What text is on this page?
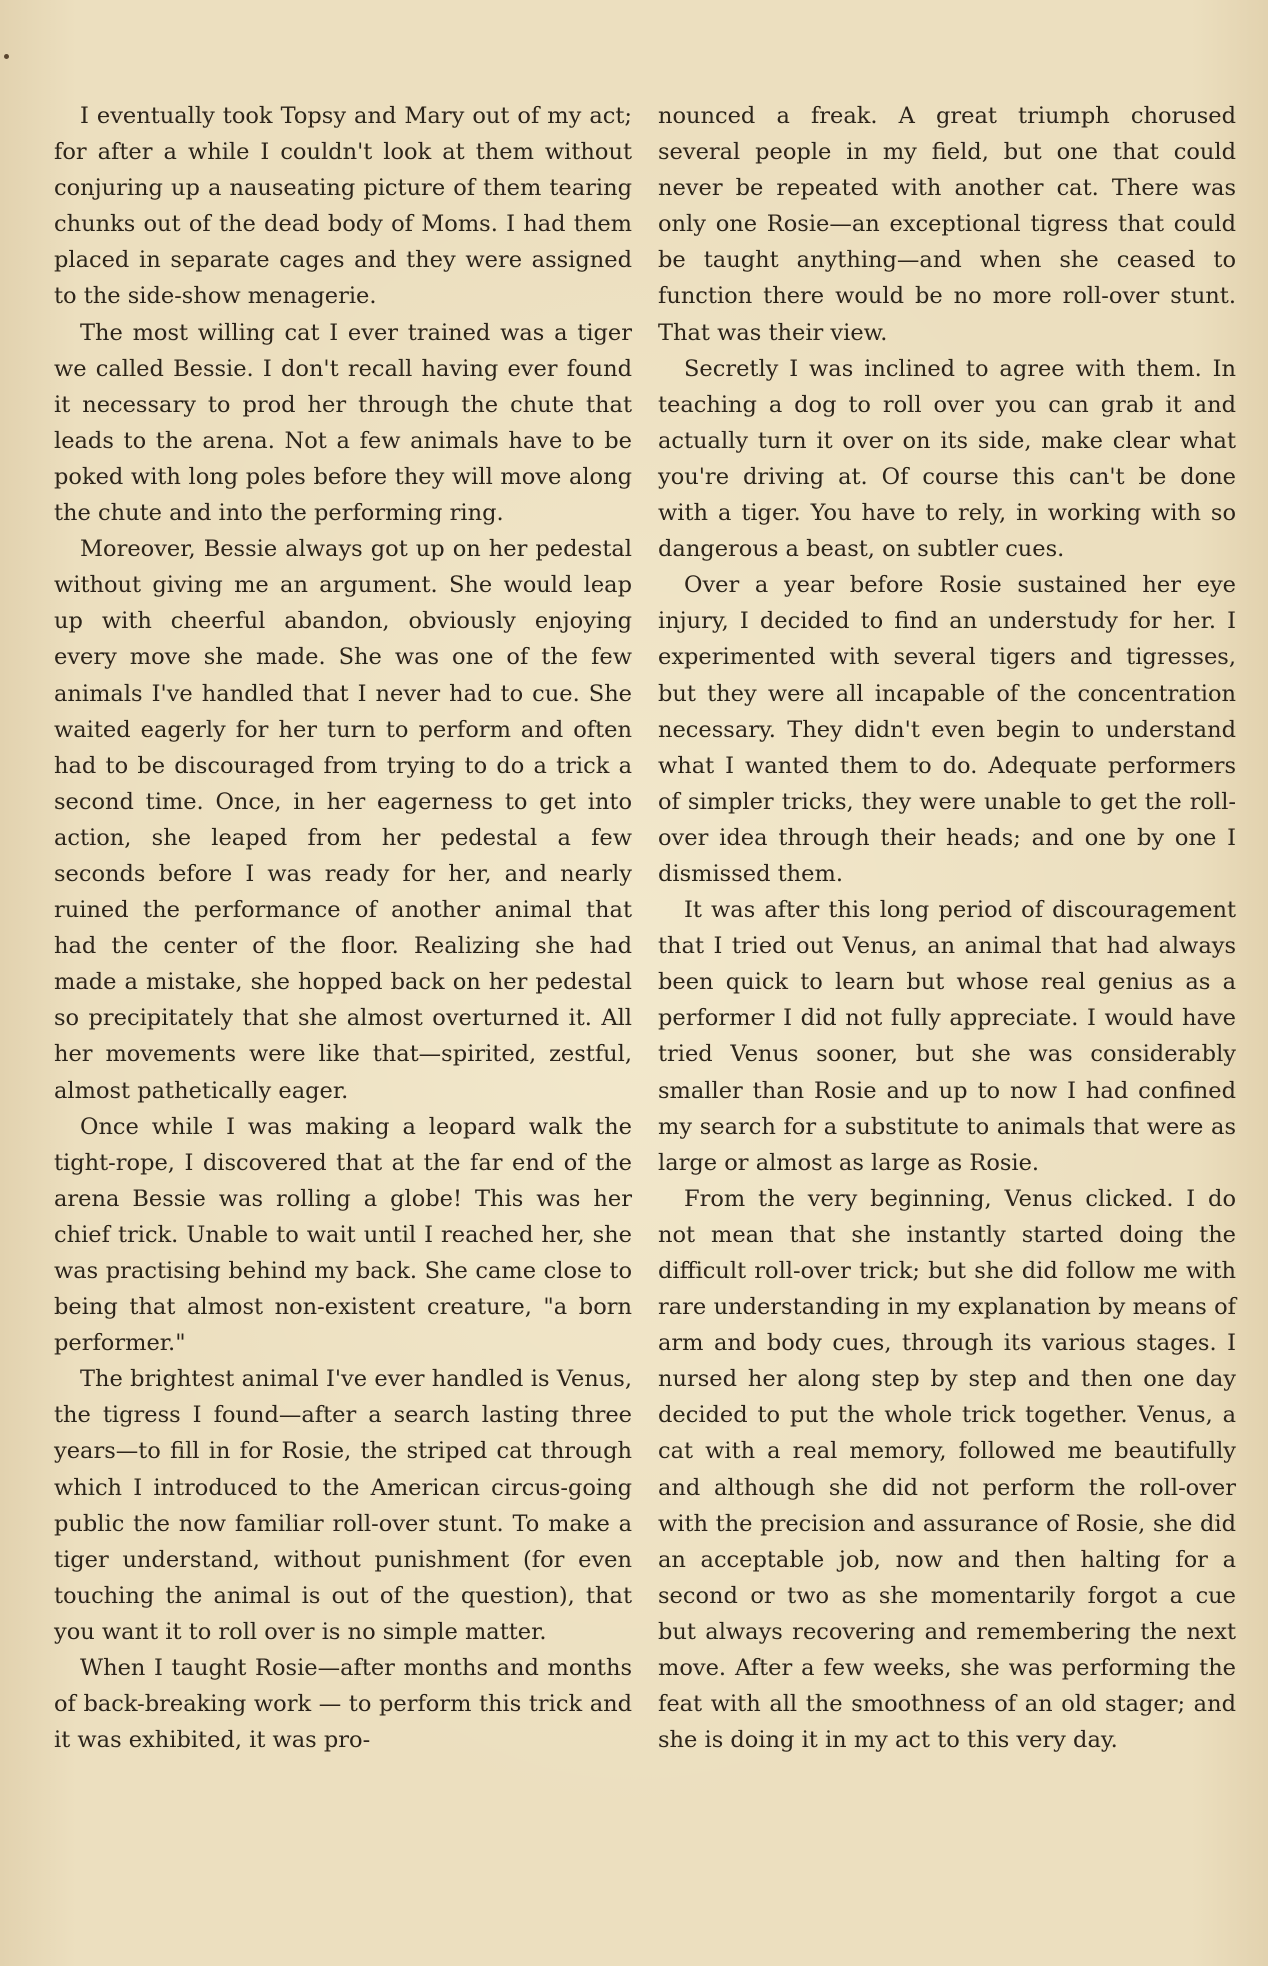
I eventually took Topsy and Mary out of my act; for after a while I couldn't look at them without conjuring up a nauseating picture of them tearing chunks out of the dead body of Moms. I had them placed in separate cages and they were assigned to the side-show menagerie.

The most willing cat I ever trained was a tiger we called Bessie. I don't recall having ever found it necessary to prod her through the chute that leads to the arena. Not a few animals have to be poked with long poles before they will move along the chute and into the performing ring.

Moreover, Bessie always got up on her pedestal without giving me an argument. She would leap up with cheerful abandon, obviously enjoying every move she made. She was one of the few animals I've handled that I never had to cue. She waited eagerly for her turn to perform and often had to be discouraged from trying to do a trick a second time. Once, in her eagerness to get into action, she leaped from her pedestal a few seconds before I was ready for her, and nearly ruined the performance of another animal that had the center of the floor. Realizing she had made a mistake, she hopped back on her pedestal so precipitately that she almost overturned it. All her movements were like that—spirited, zestful, almost pathetically eager.

Once while I was making a leopard walk the tight-rope, I discovered that at the far end of the arena Bessie was rolling a globe! This was her chief trick. Unable to wait until I reached her, she was practising behind my back. She came close to being that almost non-existent creature, "a born performer."

The brightest animal I've ever handled is Venus, the tigress I found—after a search lasting three years—to fill in for Rosie, the striped cat through which I introduced to the American circus-going public the now familiar roll-over stunt. To make a tiger understand, without punishment (for even touching the animal is out of the question), that you want it to roll over is no simple matter.

When I taught Rosie—after months and months of back-breaking work — to perform this trick and it was exhibited, it was pro-

nounced a freak. A great triumph chorused several people in my field, but one that could never be repeated with another cat. There was only one Rosie—an exceptional tigress that could be taught anything—and when she ceased to function there would be no more roll-over stunt. That was their view.

Secretly I was inclined to agree with them. In teaching a dog to roll over you can grab it and actually turn it over on its side, make clear what you're driving at. Of course this can't be done with a tiger. You have to rely, in working with so dangerous a beast, on subtler cues.

Over a year before Rosie sustained her eye injury, I decided to find an understudy for her. I experimented with several tigers and tigresses, but they were all incapable of the concentration necessary. They didn't even begin to understand what I wanted them to do. Adequate performers of simpler tricks, they were unable to get the roll-over idea through their heads; and one by one I dismissed them.

It was after this long period of discouragement that I tried out Venus, an animal that had always been quick to learn but whose real genius as a performer I did not fully appreciate. I would have tried Venus sooner, but she was considerably smaller than Rosie and up to now I had confined my search for a substitute to animals that were as large or almost as large as Rosie.

From the very beginning, Venus clicked. I do not mean that she instantly started doing the difficult roll-over trick; but she did follow me with rare understanding in my explanation by means of arm and body cues, through its various stages. I nursed her along step by step and then one day decided to put the whole trick together. Venus, a cat with a real memory, followed me beautifully and although she did not perform the roll-over with the precision and assurance of Rosie, she did an acceptable job, now and then halting for a second or two as she momentarily forgot a cue but always recovering and remembering the next move. After a few weeks, she was performing the feat with all the smoothness of an old stager; and she is doing it in my act to this very day.
